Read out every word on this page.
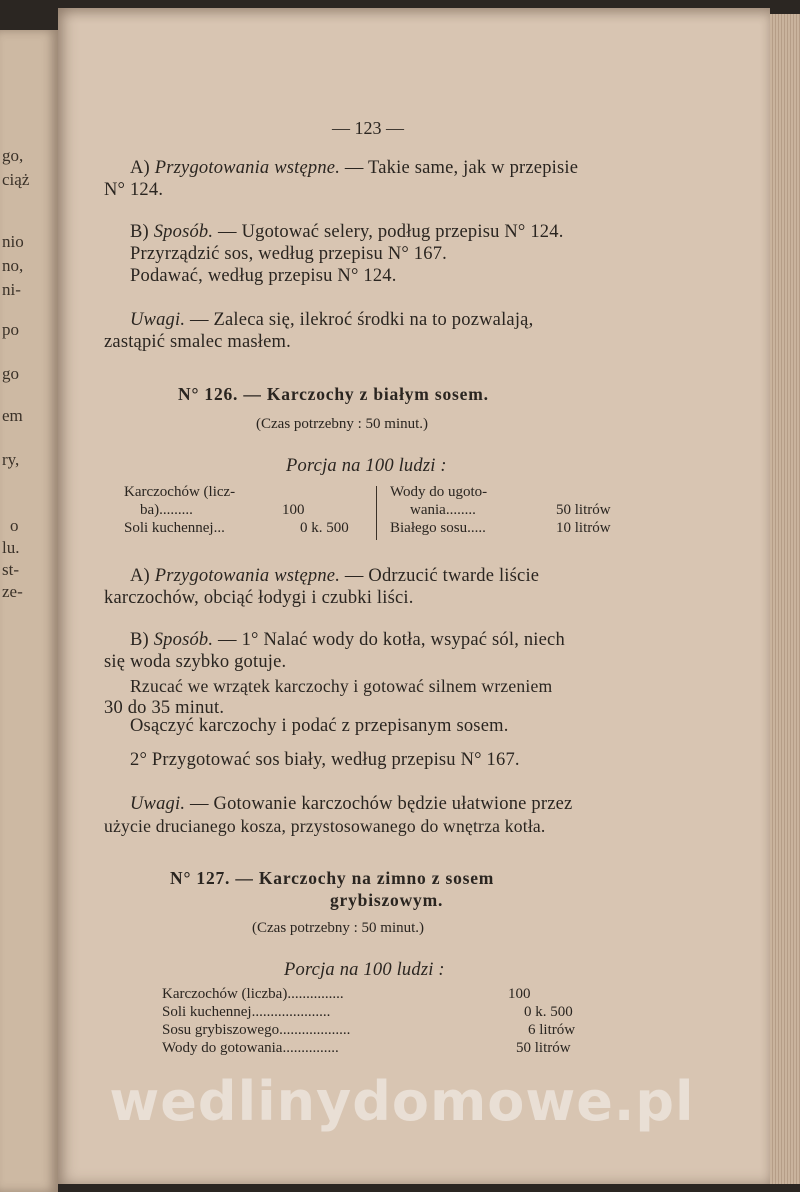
go,
ciąż
nio
no,
ni-
po
go
em
ry,
o
lu.
st-
ze-
— 123 —
A) Przygotowania wstępne. — Takie same, jak w przepisie
N° 124.
B) Sposób. — Ugotować selery, podług przepisu N° 124.
Przyrządzić sos, według przepisu N° 167.
Podawać, według przepisu N° 124.
Uwagi. — Zaleca się, ilekroć środki na to pozwalają,
zastąpić smalec masłem.
N° 126. — Karczochy z białym sosem.
(Czas potrzebny : 50 minut.)
Porcja na 100 ludzi :
Karczochów (licz-
ba).........	100
Soli kuchennej...	0 k. 500
Wody do ugoto-
wania........	50 litrów
Białego sosu.....	10 litrów
A) Przygotowania wstępne. — Odrzucić twarde liście
karczochów, obciąć łodygi i czubki liści.
B) Sposób. — 1° Nalać wody do kotła, wsypać sól, niech
się woda szybko gotuje.
Rzucać we wrzątek karczochy i gotować silnem wrzeniem
30 do 35 minut.
Osączyć karczochy i podać z przepisanym sosem.
2° Przygotować sos biały, według przepisu N° 167.
Uwagi. — Gotowanie karczochów będzie ułatwione przez
użycie drucianego kosza, przystosowanego do wnętrza kotła.
N° 127. — Karczochy na zimno z sosem
grybiszowym.
(Czas potrzebny : 50 minut.)
Porcja na 100 ludzi :
Karczochów (liczba)...............	100
Soli kuchennej.....................	0 k. 500
Sosu grybiszowego...................	6 litrów
Wody do gotowania...............	50 litrów
wedlinydomowe.pl
